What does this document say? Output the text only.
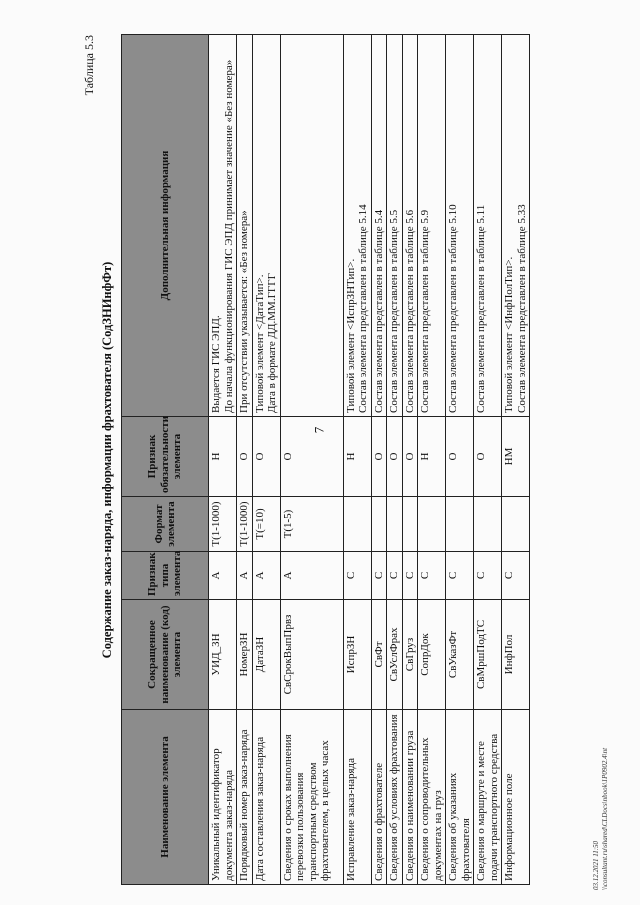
7
03.12.2021 11:50 \\consultant.ru\shared\CLDocs\nbook\1P0902.4\nt
Таблица 5.3
Содержание заказ-наряда, информации фрахтователя (СодЗНИнфФт)
Наименование элемента	Сокращенное наименование (код) элемента	Признак типа элемента	Формат элемента	Признак обязательности элемента	Дополнительная информация
Уникальный идентификатор документа заказ-наряда	УИД_ЗН	А	Т(1-1000)	Н	Выдается ГИС ЭПД.
До начала функционирования ГИС ЭПД принимает значение «Без номера»
Порядковый номер заказ-наряда	НомерЗН	А	Т(1-1000)	О	При отсутствии указывается: «Без номера»
Дата составления заказ-наряда	ДатаЗН	А	Т(=10)	О	Типовой элемент <ДатаТип>.
Дата в формате ДД.ММ.ГГГГ
Сведения о сроках выполнения перевозки пользования транспортным средством фрахтователем, в целых часах	СвСрокВыпПрвз	А	Т(1-5)	О	
Исправление заказ-наряда	ИспрЗН	С		Н	Типовой элемент <ИспрЗНТип>.
Состав элемента представлен в таблице 5.14
Сведения о фрахтователе	СвФт	С		О	Состав элемента представлен в таблице 5.4
Сведения об условиях фрахтования	СвУслФрах	С		О	Состав элемента представлен в таблице 5.5
Сведения о наименовании груза	СвГруз	С		О	Состав элемента представлен в таблице 5.6
Сведения о сопроводительных документах на груз	СопрДок	С		Н	Состав элемента представлен в таблице 5.9
Сведения об указаниях фрахтователя	СвУказФт	С		О	Состав элемента представлен в таблице 5.10
Сведения о маршруте и месте подачи транспортного средства	СвМршПодТС	С		О	Состав элемента представлен в таблице 5.11
Информационное поле	ИнфПол	С		НМ	Типовой элемент <ИнфПолТип>.
Состав элемента представлен в таблице 5.33
